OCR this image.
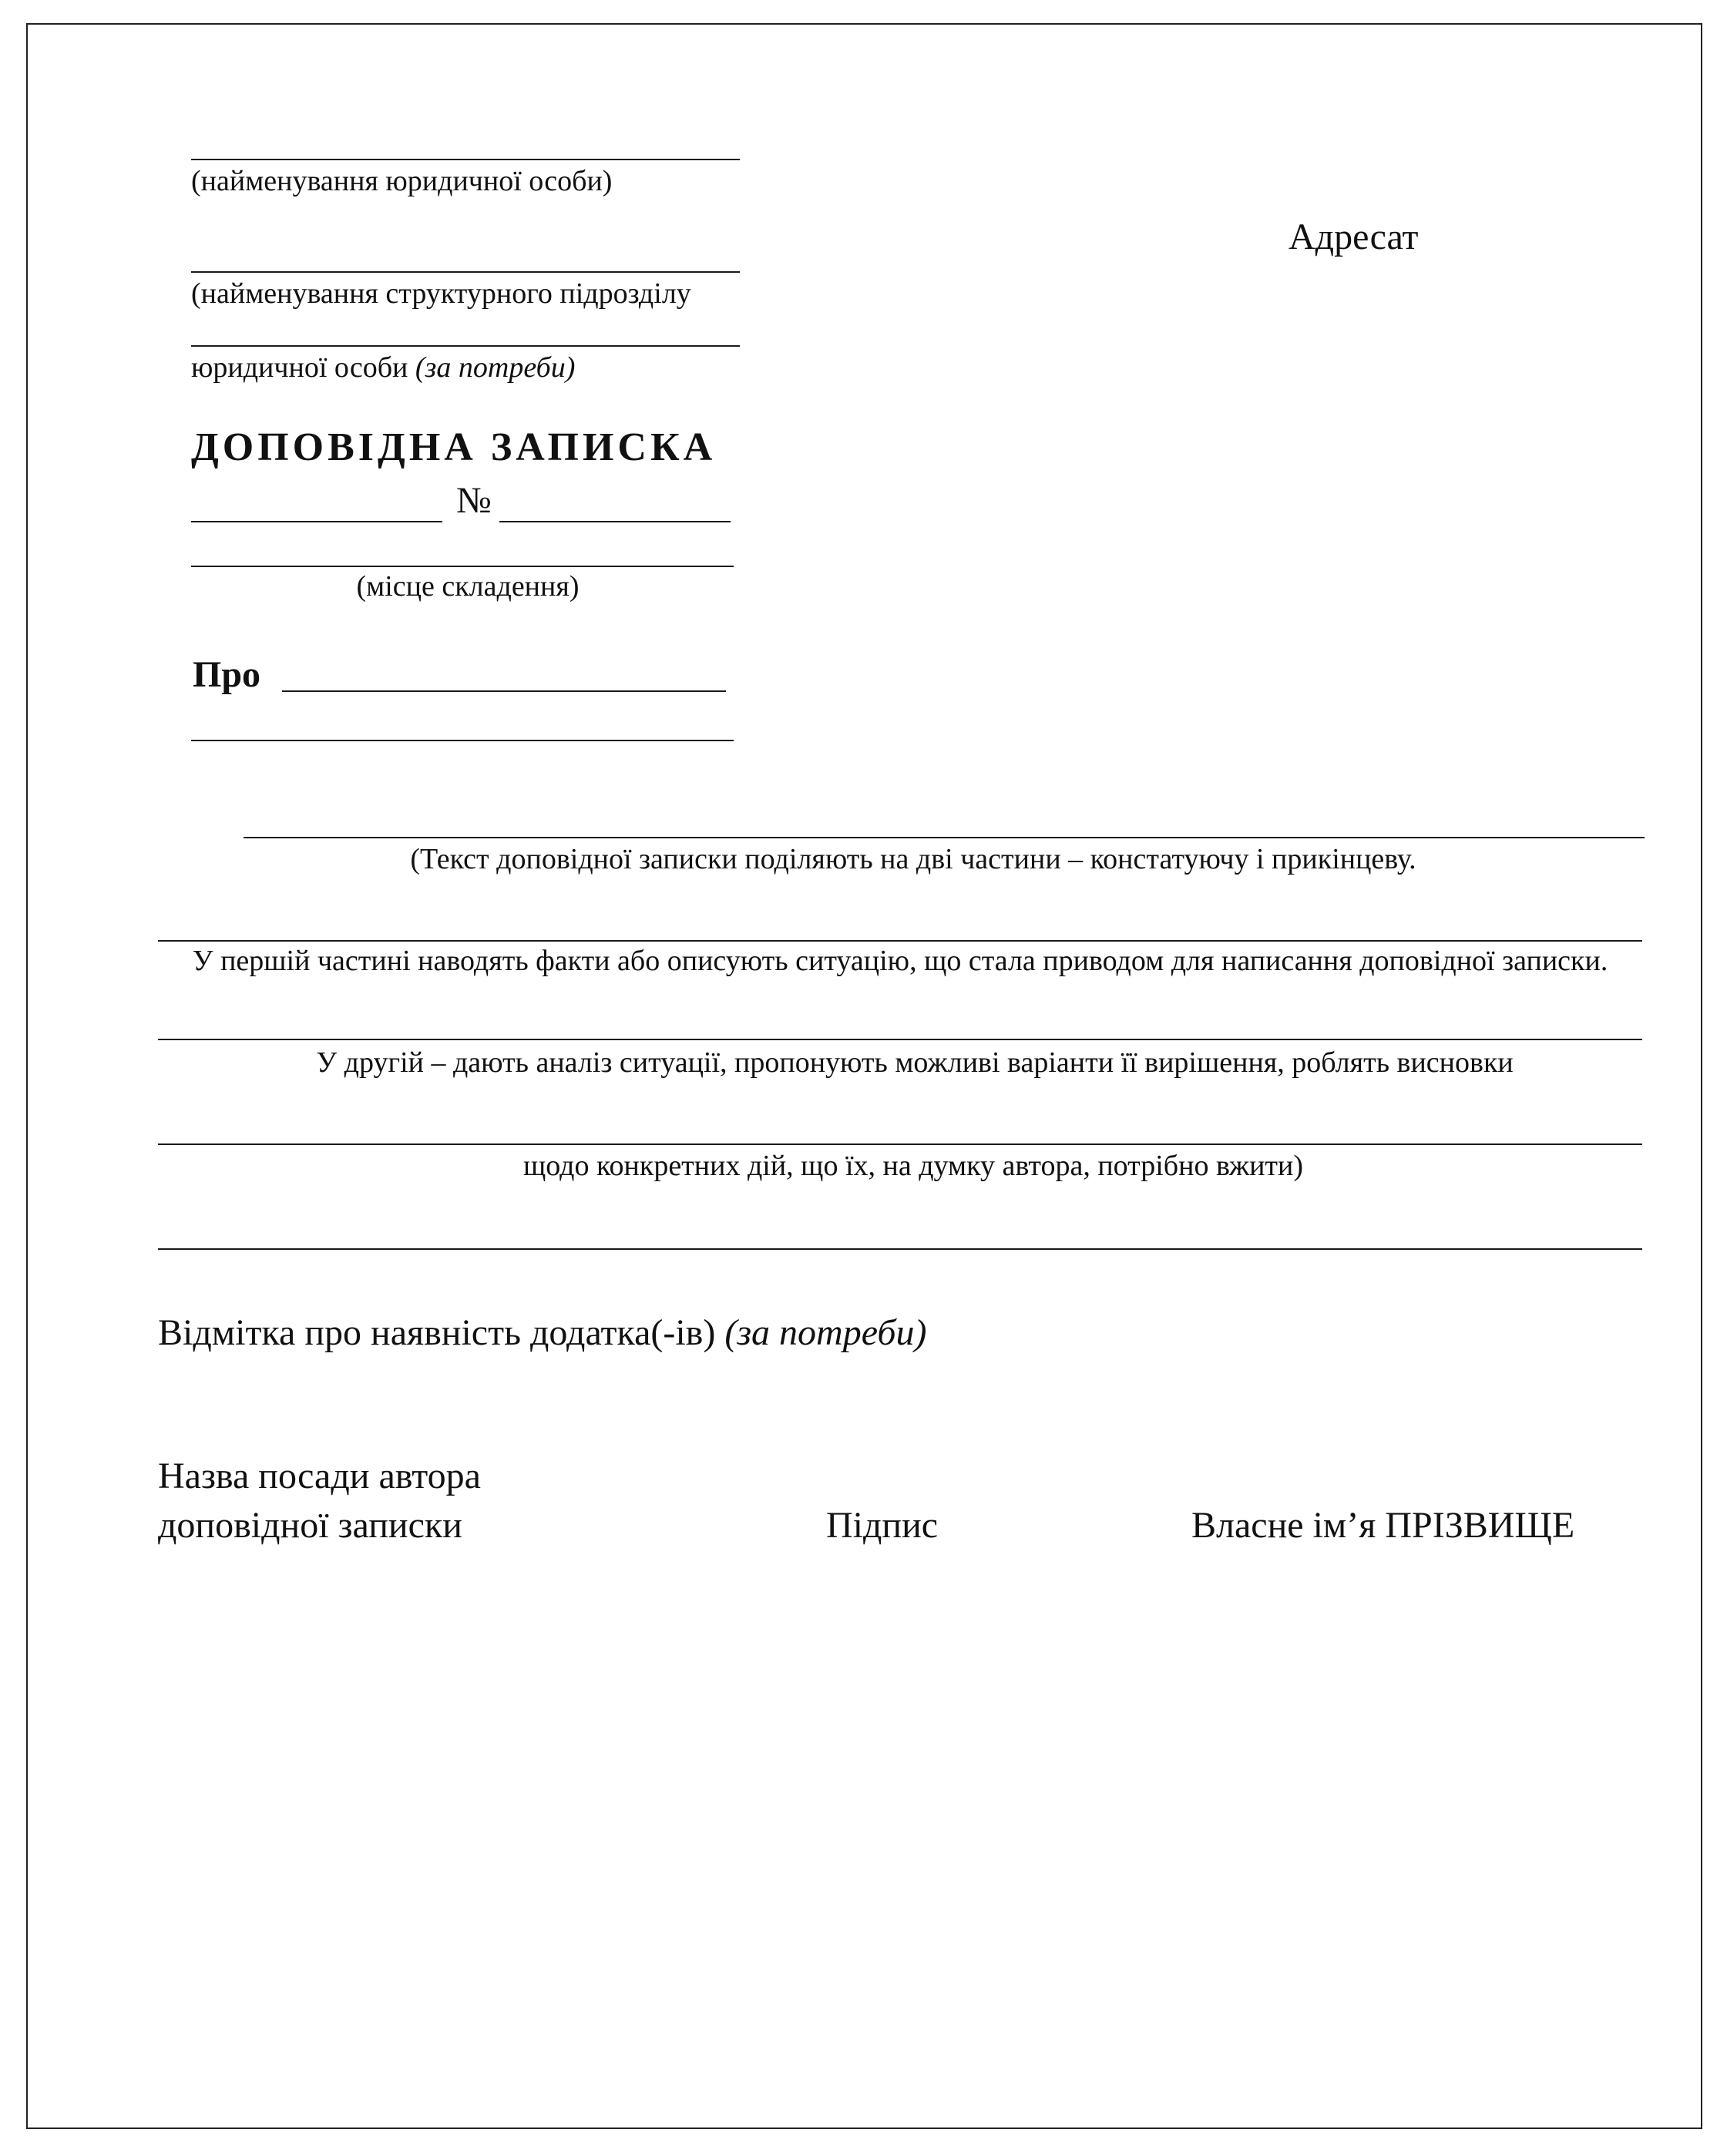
(найменування юридичної особи)
(найменування структурного підрозділу
юридичної особи (за потреби)
Адресат
ДОПОВІДНА ЗАПИСКА
№
(місце складення)
Про
(Текст доповідної записки поділяють на дві частини – констатуючу і прикінцеву.
У першій частині наводять факти або описують ситуацію, що стала приводом для написання доповідної записки.
У другій – дають аналіз ситуації, пропонують можливі варіанти її вирішення, роблять висновки
щодо конкретних дій, що їх, на думку автора, потрібно вжити)
Відмітка про наявність додатка(-ів) (за потреби)
Назва посади автора
доповідної записки	Підпис	Власне ім’я ПРІЗВИЩЕ
